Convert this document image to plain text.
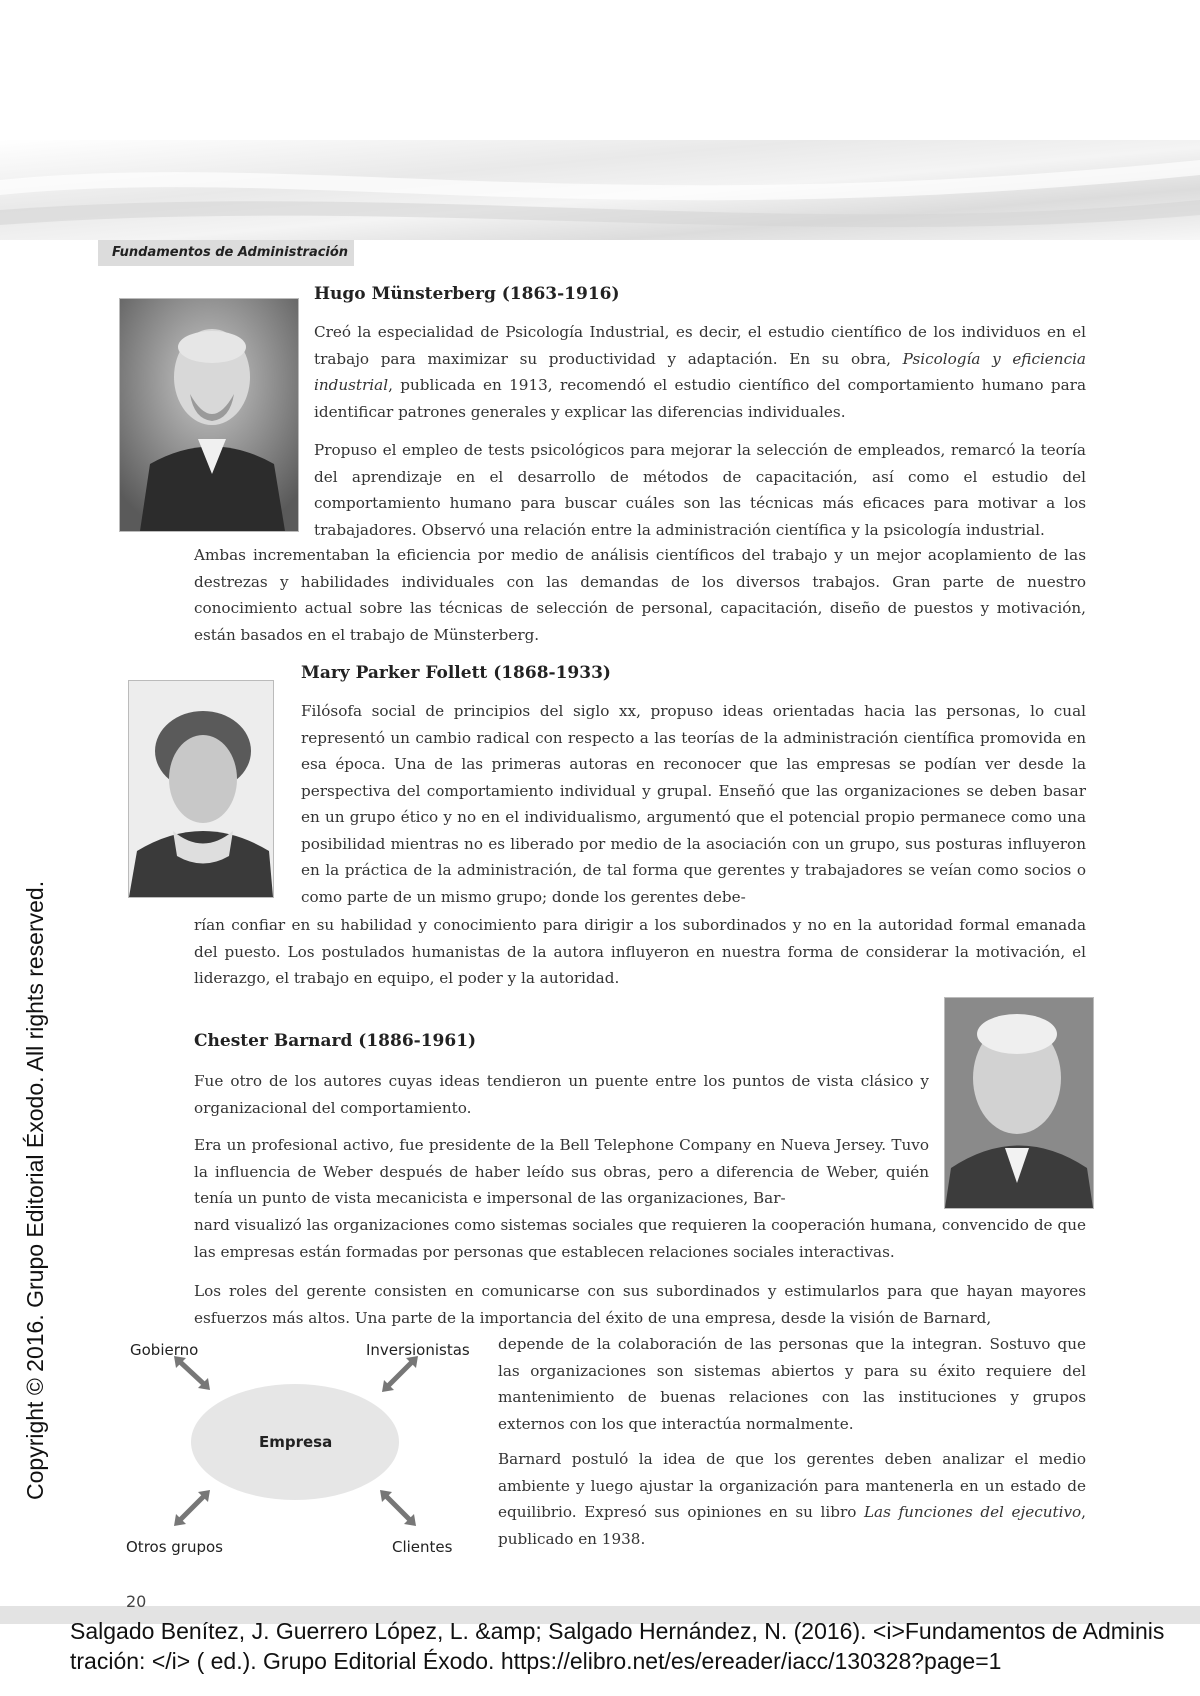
Fundamentos de Administración
Hugo Münsterberg (1863-1916)

Creó la especialidad de Psicología Industrial, es decir, el estudio científico de los individuos en el trabajo para maximizar su productividad y adaptación. En su obra, Psicología y eficiencia industrial, publicada en 1913, recomendó el estudio científico del comportamiento humano para identificar patrones generales y explicar las diferencias individuales.

Propuso el empleo de tests psicológicos para mejorar la selección de empleados, remarcó la teoría del aprendizaje en el desarrollo de métodos de capacitación, así como el estudio del comportamiento humano para buscar cuáles son las técnicas más eficaces para motivar a los trabajadores. Observó una relación entre la administración científica y la psicología industrial.

Ambas incrementaban la eficiencia por medio de análisis científicos del trabajo y un mejor acoplamiento de las destrezas y habilidades individuales con las demandas de los diversos trabajos. Gran parte de nuestro conocimiento actual sobre las técnicas de selección de personal, capacitación, diseño de puestos y motivación, están basados en el trabajo de Münsterberg.

Mary Parker Follett (1868-1933)

Filósofa social de principios del siglo xx, propuso ideas orientadas hacia las personas, lo cual representó un cambio radical con respecto a las teorías de la administración científica promovida en esa época. Una de las primeras autoras en reconocer que las empresas se podían ver desde la perspectiva del comportamiento individual y grupal. Enseñó que las organizaciones se deben basar en un grupo ético y no en el individualismo, argumentó que el potencial propio permanece como una posibilidad mientras no es liberado por medio de la asociación con un grupo, sus posturas influyeron en la práctica de la administración, de tal forma que gerentes y trabajadores se veían como socios o como parte de un mismo grupo; donde los gerentes debe-

rían confiar en su habilidad y conocimiento para dirigir a los subordinados y no en la autoridad formal emanada del puesto. Los postulados humanistas de la autora influyeron en nuestra forma de considerar la motivación, el liderazgo, el trabajo en equipo, el poder y la autoridad.

Chester Barnard (1886-1961)

Fue otro de los autores cuyas ideas tendieron un puente entre los puntos de vista clásico y organizacional del comportamiento.

Era un profesional activo, fue presidente de la Bell Telephone Company en Nueva Jersey. Tuvo la influencia de Weber después de haber leído sus obras, pero a diferencia de Weber, quién tenía un punto de vista mecanicista e impersonal de las organizaciones, Bar-

nard visualizó las organizaciones como sistemas sociales que requieren la cooperación humana, convencido de que las empresas están formadas por personas que establecen relaciones sociales interactivas.

Los roles del gerente consisten en comunicarse con sus subordinados y estimularlos para que hayan mayores esfuerzos más altos. Una parte de la importancia del éxito de una empresa, desde la visión de Barnard,

depende de la colaboración de las personas que la integran. Sostuvo que las organizaciones son sistemas abiertos y para su éxito requiere del mantenimiento de buenas relaciones con las instituciones y grupos externos con los que interactúa normalmente.

Barnard postuló la idea de que los gerentes deben analizar el medio ambiente y luego ajustar la organización para mantenerla en un estado de equilibrio. Expresó sus opiniones en su libro Las funciones del ejecutivo, publicado en 1938.

Gobierno	Inversionistas
Empresa
Otros grupos	Clientes
20
Copyright © 2016. Grupo Editorial Éxodo. All rights reserved.
Salgado Benítez, J. Guerrero López, L. &amp; Salgado Hernández, N. (2016). <i>Fundamentos de Adminis
tración: </i> ( ed.). Grupo Editorial Éxodo. https://elibro.net/es/ereader/iacc/130328?page=1
